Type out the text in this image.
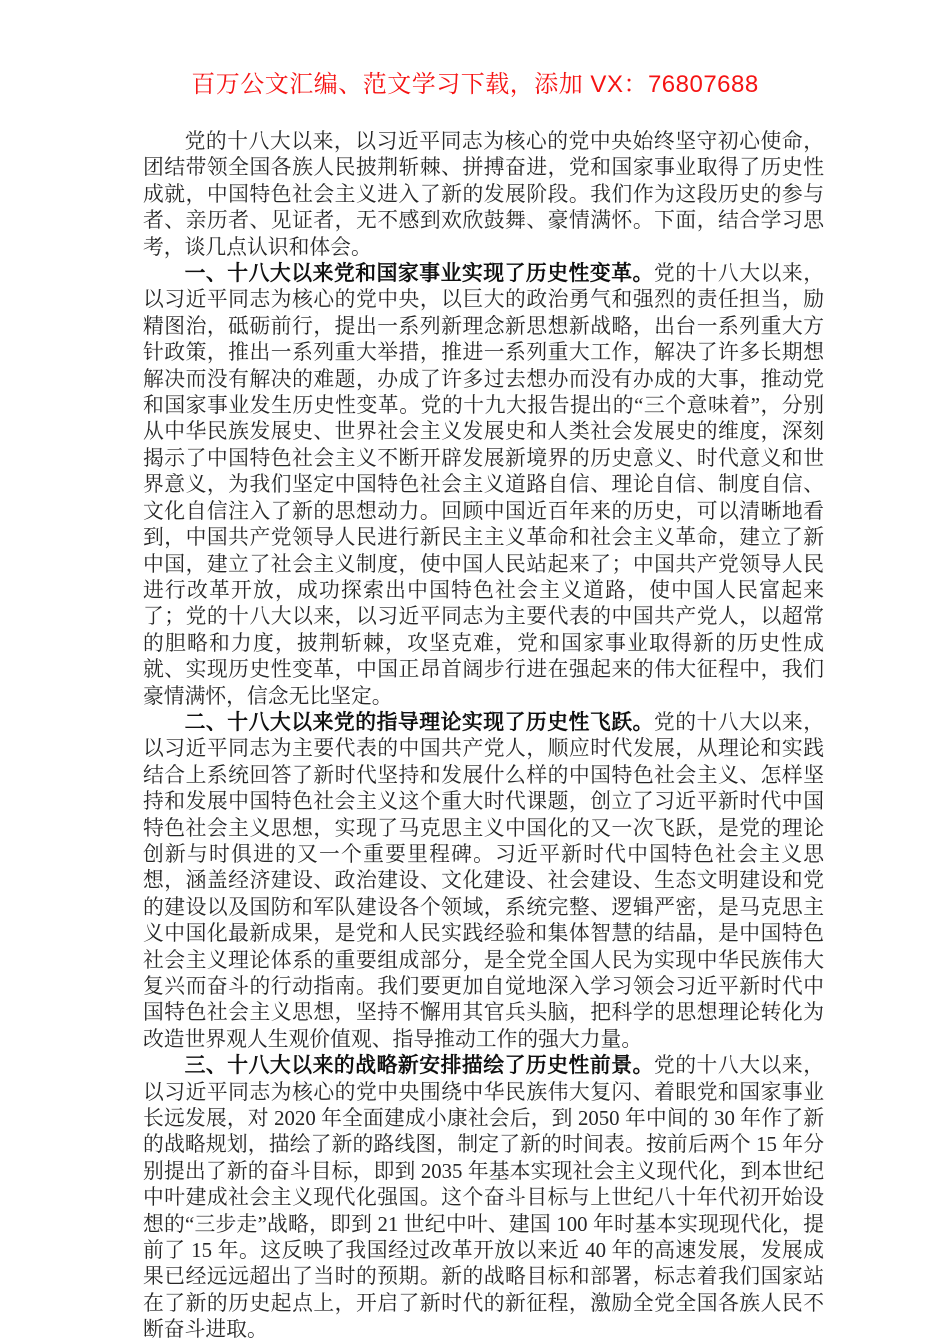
百万公文汇编、范文学习下载，添加 VX：76807688

党的十八大以来，以习近平同志为核心的党中央始终坚守初心使命，团结带领全国各族人民披荆斩棘、拼搏奋进，党和国家事业取得了历史性成就，中国特色社会主义进入了新的发展阶段。我们作为这段历史的参与者、亲历者、见证者，无不感到欢欣鼓舞、豪情满怀。下面，结合学习思考，谈几点认识和体会。

一、十八大以来党和国家事业实现了历史性变革。党的十八大以来，以习近平同志为核心的党中央，以巨大的政治勇气和强烈的责任担当，励精图治，砥砺前行，提出一系列新理念新思想新战略，出台一系列重大方针政策，推出一系列重大举措，推进一系列重大工作，解决了许多长期想解决而没有解决的难题，办成了许多过去想办而没有办成的大事，推动党和国家事业发生历史性变革。党的十九大报告提出的“三个意味着”，分别从中华民族发展史、世界社会主义发展史和人类社会发展史的维度，深刻揭示了中国特色社会主义不断开辟发展新境界的历史意义、时代意义和世界意义，为我们坚定中国特色社会主义道路自信、理论自信、制度自信、文化自信注入了新的思想动力。回顾中国近百年来的历史，可以清晰地看到，中国共产党领导人民进行新民主主义革命和社会主义革命，建立了新中国，建立了社会主义制度，使中国人民站起来了；中国共产党领导人民进行改革开放，成功探索出中国特色社会主义道路，使中国人民富起来了；党的十八大以来，以习近平同志为主要代表的中国共产党人，以超常的胆略和力度，披荆斩棘，攻坚克难，党和国家事业取得新的历史性成就、实现历史性变革，中国正昂首阔步行进在强起来的伟大征程中，我们豪情满怀，信念无比坚定。

二、十八大以来党的指导理论实现了历史性飞跃。党的十八大以来，以习近平同志为主要代表的中国共产党人，顺应时代发展，从理论和实践结合上系统回答了新时代坚持和发展什么样的中国特色社会主义、怎样坚持和发展中国特色社会主义这个重大时代课题，创立了习近平新时代中国特色社会主义思想，实现了马克思主义中国化的又一次飞跃，是党的理论创新与时俱进的又一个重要里程碑。习近平新时代中国特色社会主义思想，涵盖经济建设、政治建设、文化建设、社会建设、生态文明建设和党的建设以及国防和军队建设各个领域，系统完整、逻辑严密，是马克思主义中国化最新成果，是党和人民实践经验和集体智慧的结晶，是中国特色社会主义理论体系的重要组成部分，是全党全国人民为实现中华民族伟大复兴而奋斗的行动指南。我们要更加自觉地深入学习领会习近平新时代中国特色社会主义思想，坚持不懈用其官兵头脑，把科学的思想理论转化为改造世界观人生观价值观、指导推动工作的强大力量。

三、十八大以来的战略新安排描绘了历史性前景。党的十八大以来，以习近平同志为核心的党中央围绕中华民族伟大复闪、着眼党和国家事业长远发展，对 2020 年全面建成小康社会后，到 2050 年中间的 30 年作了新的战略规划，描绘了新的路线图，制定了新的时间表。按前后两个 15 年分别提出了新的奋斗目标，即到 2035 年基本实现社会主义现代化，到本世纪中叶建成社会主义现代化强国。这个奋斗目标与上世纪八十年代初开始设想的“三步走”战略，即到 21 世纪中叶、建国 100 年时基本实现现代化，提前了 15 年。这反映了我国经过改革开放以来近 40 年的高速发展，发展成果已经远远超出了当时的预期。新的战略目标和部署，标志着我们国家站在了新的历史起点上，开启了新时代的新征程，激励全党全国各族人民不断奋斗进取。
